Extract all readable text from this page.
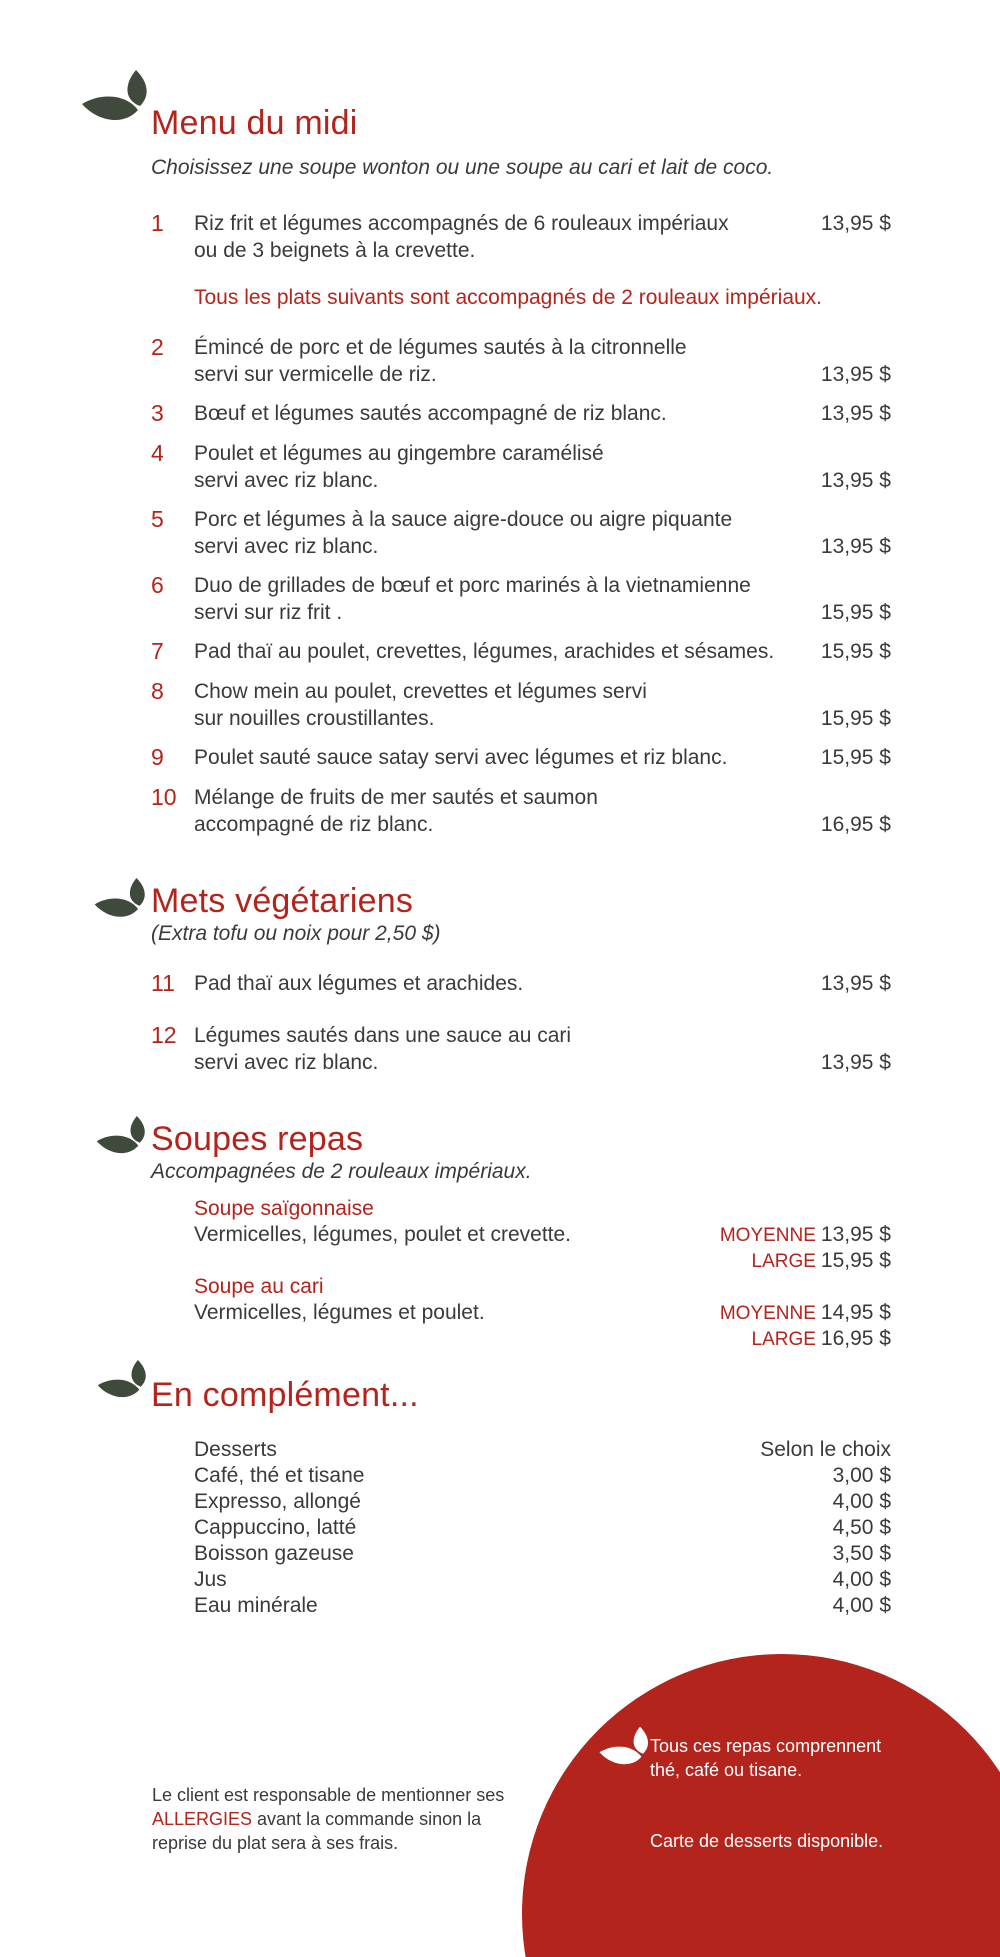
Menu du midi
Choisissez une soupe wonton ou une soupe au cari et lait de coco.
1 Riz frit et légumes accompagnés de 6 rouleaux impériaux
ou de 3 beignets à la crevette.
13,95 $
Tous les plats suivants sont accompagnés de 2 rouleaux impériaux.
2 Émincé de porc et de légumes sautés à la citronnelle
servi sur vermicelle de riz.	13,95 $
3 Bœuf et légumes sautés accompagné de riz blanc.	13,95 $
4 Poulet et légumes au gingembre caramélisé
servi avec riz blanc.	13,95 $
5 Porc et légumes à la sauce aigre-douce ou aigre piquante
servi avec riz blanc.	13,95 $
6 Duo de grillades de bœuf et porc marinés à la vietnamienne
servi sur riz frit .	15,95 $
7 Pad thaï au poulet, crevettes, légumes, arachides et sésames.	15,95 $
8 Chow mein au poulet, crevettes et légumes servi
sur nouilles croustillantes.	15,95 $
9 Poulet sauté sauce satay servi avec légumes et riz blanc.	15,95 $
10 Mélange de fruits de mer sautés et saumon
accompagné de riz blanc.	16,95 $
Mets végétariens
(Extra tofu ou noix pour 2,50 $)
11 Pad thaï aux légumes et arachides.	13,95 $
12 Légumes sautés dans une sauce au cari
servi avec riz blanc.	13,95 $
Soupes repas
Accompagnées de 2 rouleaux impériaux.
Soupe saïgonnaise
Vermicelles, légumes, poulet et crevette.	MOYENNE 13,95 $
LARGE 15,95 $
Soupe au cari
Vermicelles, légumes et poulet.	MOYENNE 14,95 $
LARGE 16,95 $
En complément...
Desserts	Selon le choix
Café, thé et tisane	3,00 $
Expresso, allongé	4,00 $
Cappuccino, latté	4,50 $
Boisson gazeuse	3,50 $
Jus	4,00 $
Eau minérale	4,00 $
Tous ces repas comprennent thé, café ou tisane.
Carte de desserts disponible.
Le client est responsable de mentionner ses ALLERGIES avant la commande sinon la reprise du plat sera à ses frais.
